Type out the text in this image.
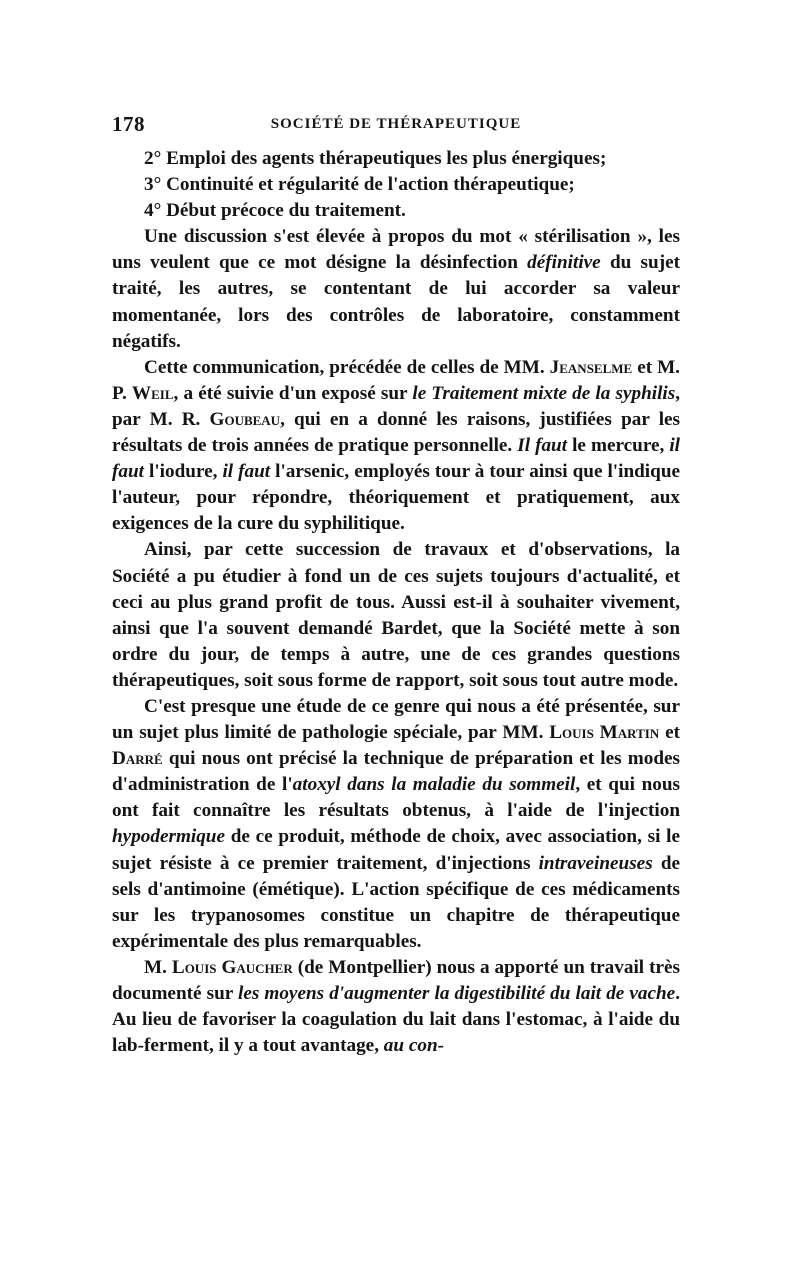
178	SOCIÉTÉ DE THÉRAPEUTIQUE

2° Emploi des agents thérapeutiques les plus énergiques;

3° Continuité et régularité de l'action thérapeutique;

4° Début précoce du traitement.

Une discussion s'est élevée à propos du mot « stérilisation », les uns veulent que ce mot désigne la désinfection définitive du sujet traité, les autres, se contentant de lui accorder sa valeur momentanée, lors des contrôles de laboratoire, constamment négatifs.

Cette communication, précédée de celles de MM. Jeanselme et M. P. Weil, a été suivie d'un exposé sur le Traitement mixte de la syphilis, par M. R. Goubeau, qui en a donné les raisons, justifiées par les résultats de trois années de pratique personnelle. Il faut le mercure, il faut l'iodure, il faut l'arsenic, employés tour à tour ainsi que l'indique l'auteur, pour répondre, théoriquement et pratiquement, aux exigences de la cure du syphilitique.

Ainsi, par cette succession de travaux et d'observations, la Société a pu étudier à fond un de ces sujets toujours d'actualité, et ceci au plus grand profit de tous. Aussi est-il à souhaiter vivement, ainsi que l'a souvent demandé Bardet, que la Société mette à son ordre du jour, de temps à autre, une de ces grandes questions thérapeutiques, soit sous forme de rapport, soit sous tout autre mode.

C'est presque une étude de ce genre qui nous a été présentée, sur un sujet plus limité de pathologie spéciale, par MM. Louis Martin et Darré qui nous ont précisé la technique de préparation et les modes d'administration de l'atoxyl dans la maladie du sommeil, et qui nous ont fait connaître les résultats obtenus, à l'aide de l'injection hypodermique de ce produit, méthode de choix, avec association, si le sujet résiste à ce premier traitement, d'injections intraveineuses de sels d'antimoine (émétique). L'action spécifique de ces médicaments sur les trypanosomes constitue un chapitre de thérapeutique expérimentale des plus remarquables.

M. Louis Gaucher (de Montpellier) nous a apporté un travail très documenté sur les moyens d'augmenter la digestibilité du lait de vache. Au lieu de favoriser la coagulation du lait dans l'estomac, à l'aide du lab-ferment, il y a tout avantage, au con-
